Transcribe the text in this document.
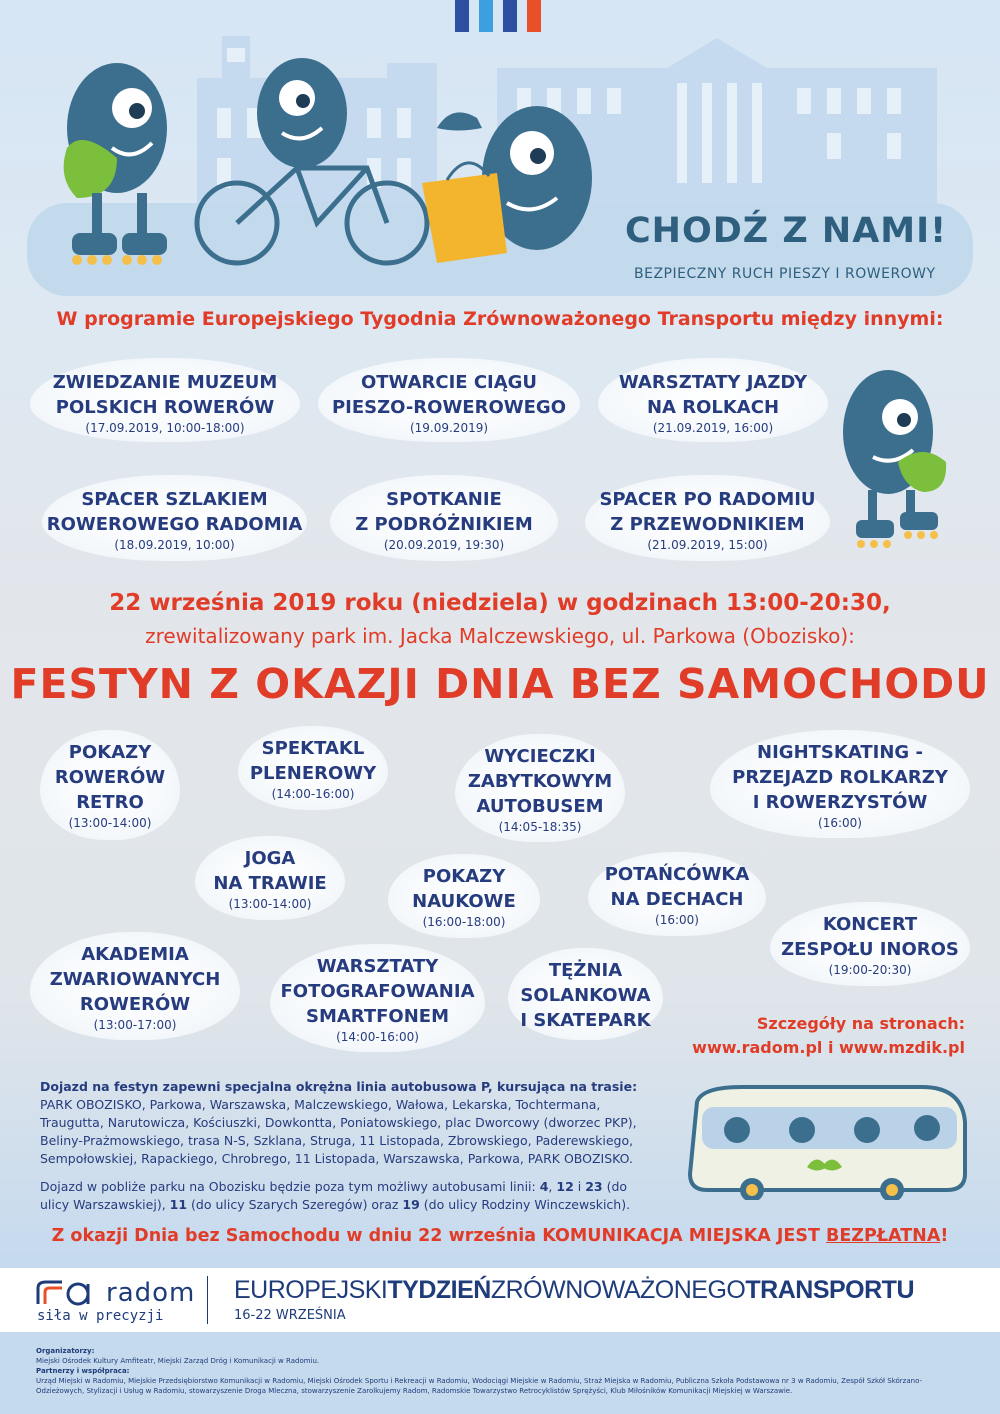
CHODŹ Z NAMI!
BEZPIECZNY RUCH PIESZY I ROWEROWY
W programie Europejskiego Tygodnia Zrównoważonego Transportu między innymi:
ZWIEDZANIE MUZEUM
POLSKICH ROWERÓW
(17.09.2019, 10:00-18:00)
OTWARCIE CIĄGU
PIESZO-ROWEROWEGO
(19.09.2019)
WARSZTATY JAZDY
NA ROLKACH
(21.09.2019, 16:00)
SPACER SZLAKIEM
ROWEROWEGO RADOMIA
(18.09.2019, 10:00)
SPOTKANIE
Z PODRÓŻNIKIEM
(20.09.2019, 19:30)
SPACER PO RADOMIU
Z PRZEWODNIKIEM
(21.09.2019, 15:00)
22 września 2019 roku (niedziela) w godzinach 13:00-20:30,
zrewitalizowany park im. Jacka Malczewskiego, ul. Parkowa (Obozisko):
FESTYN Z OKAZJI DNIA BEZ SAMOCHODU
POKAZY
ROWERÓW
RETRO
(13:00-14:00)
SPEKTAKL
PLENEROWY
(14:00-16:00)
WYCIECZKI
ZABYTKOWYM
AUTOBUSEM
(14:05-18:35)
NIGHTSKATING -
PRZEJAZD ROLKARZY
I ROWERZYSTÓW
(16:00)
JOGA
NA TRAWIE
(13:00-14:00)
POKAZY
NAUKOWE
(16:00-18:00)
POTAŃCÓWKA
NA DECHACH
(16:00)	KONCERT
ZESPOŁU INOROS
(19:00-20:30)
AKADEMIA
ZWARIOWANYCH
ROWERÓW
(13:00-17:00)
WARSZTATY
FOTOGRAFOWANIA
SMARTFONEM
(14:00-16:00)
TĘŻNIA
SOLANKOWA
I SKATEPARK	Szczegóły na stronach:
www.radom.pl i www.mzdik.pl
Dojazd na festyn zapewni specjalna okrężna linia autobusowa P, kursująca na trasie:
PARK OBOZISKO, Parkowa, Warszawska, Malczewskiego, Wałowa, Lekarska, Tochtermana, Traugutta, Narutowicza, Kościuszki, Dowkontta, Poniatowskiego, plac Dworcowy (dworzec PKP), Beliny-Prażmowskiego, trasa N-S, Szklana, Struga, 11 Listopada, Zbrowskiego, Paderewskiego, Sempołowskiej, Rapackiego, Chrobrego, 11 Listopada, Warszawska, Parkowa, PARK OBOZISKO.
Dojazd w pobliże parku na Obozisku będzie poza tym możliwy autobusami linii: 4, 12 i 23 (do ulicy Warszawskiej), 11 (do ulicy Szarych Szeregów) oraz 19 (do ulicy Rodziny Winczewskich).
Z okazji Dnia bez Samochodu w dniu 22 września KOMUNIKACJA MIEJSKA JEST BEZPŁATNA!
radom
siła w precyzji
EUROPEJSKITYDZIEŃZRÓWNOWAŻONEGOTRANSPORTU
16-22 WRZEŚNIA
Organizatorzy:
Miejski Ośrodek Kultury Amfiteatr, Miejski Zarząd Dróg i Komunikacji w Radomiu.
Partnerzy i współpraca:
Urząd Miejski w Radomiu, Miejskie Przedsiębiorstwo Komunikacji w Radomiu, Miejski Ośrodek Sportu i Rekreacji w Radomiu, Wodociągi Miejskie w Radomiu, Straż Miejska w Radomiu, Publiczna Szkoła Podstawowa nr 3 w Radomiu, Zespół Szkół Skórzano-Odzieżowych, Stylizacji i Usług w Radomiu, stowarzyszenie Droga Mleczna, stowarzyszenie Zarolkujemy Radom, Radomskie Towarzystwo Retrocyklistów Sprężyści, Klub Miłośników Komunikacji Miejskiej w Warszawie.
